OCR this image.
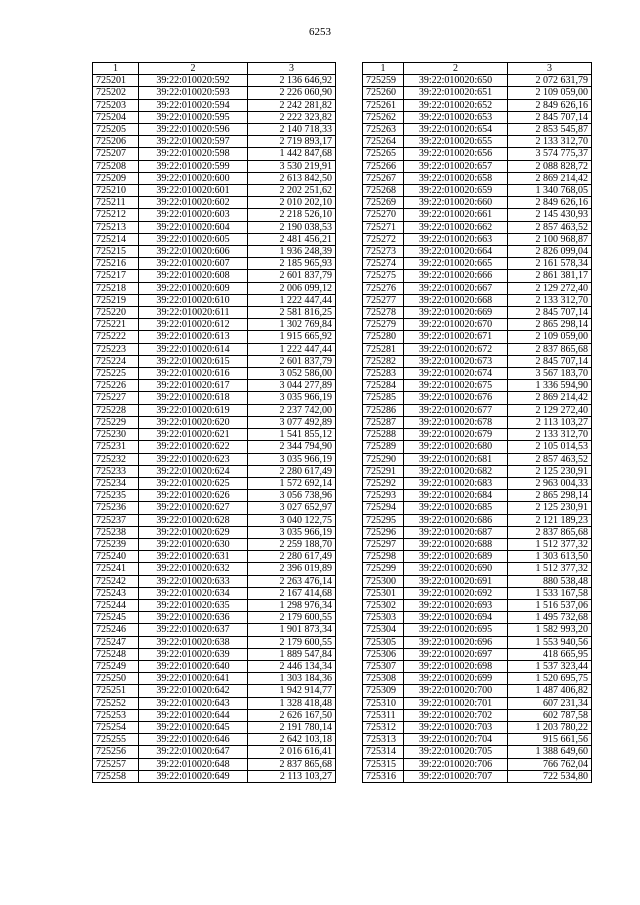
6253
1	2	3
725201	39:22:010020:592	2 136 646,92
725202	39:22:010020:593	2 226 060,90
725203	39:22:010020:594	2 242 281,82
725204	39:22:010020:595	2 222 323,82
725205	39:22:010020:596	2 140 718,33
725206	39:22:010020:597	2 719 893,17
725207	39:22:010020:598	1 442 847,68
725208	39:22:010020:599	3 530 219,91
725209	39:22:010020:600	2 613 842,50
725210	39:22:010020:601	2 202 251,62
725211	39:22:010020:602	2 010 202,10
725212	39:22:010020:603	2 218 526,10
725213	39:22:010020:604	2 190 038,53
725214	39:22:010020:605	2 481 456,21
725215	39:22:010020:606	1 936 248,39
725216	39:22:010020:607	2 185 965,93
725217	39:22:010020:608	2 601 837,79
725218	39:22:010020:609	2 006 099,12
725219	39:22:010020:610	1 222 447,44
725220	39:22:010020:611	2 581 816,25
725221	39:22:010020:612	1 302 769,84
725222	39:22:010020:613	1 915 665,92
725223	39:22:010020:614	1 222 447,44
725224	39:22:010020:615	2 601 837,79
725225	39:22:010020:616	3 052 586,00
725226	39:22:010020:617	3 044 277,89
725227	39:22:010020:618	3 035 966,19
725228	39:22:010020:619	2 237 742,00
725229	39:22:010020:620	3 077 492,89
725230	39:22:010020:621	1 541 855,12
725231	39:22:010020:622	2 344 794,90
725232	39:22:010020:623	3 035 966,19
725233	39:22:010020:624	2 280 617,49
725234	39:22:010020:625	1 572 692,14
725235	39:22:010020:626	3 056 738,96
725236	39:22:010020:627	3 027 652,97
725237	39:22:010020:628	3 040 122,75
725238	39:22:010020:629	3 035 966,19
725239	39:22:010020:630	2 259 188,70
725240	39:22:010020:631	2 280 617,49
725241	39:22:010020:632	2 396 019,89
725242	39:22:010020:633	2 263 476,14
725243	39:22:010020:634	2 167 414,68
725244	39:22:010020:635	1 298 976,34
725245	39:22:010020:636	2 179 600,55
725246	39:22:010020:637	1 901 873,34
725247	39:22:010020:638	2 179 600,55
725248	39:22:010020:639	1 889 547,84
725249	39:22:010020:640	2 446 134,34
725250	39:22:010020:641	1 303 184,36
725251	39:22:010020:642	1 942 914,77
725252	39:22:010020:643	1 328 418,48
725253	39:22:010020:644	2 626 167,50
725254	39:22:010020:645	2 191 780,14
725255	39:22:010020:646	2 642 103,18
725256	39:22:010020:647	2 016 616,41
725257	39:22:010020:648	2 837 865,68
725258	39:22:010020:649	2 113 103,27
1	2	3
725259	39:22:010020:650	2 072 631,79
725260	39:22:010020:651	2 109 059,00
725261	39:22:010020:652	2 849 626,16
725262	39:22:010020:653	2 845 707,14
725263	39:22:010020:654	2 853 545,87
725264	39:22:010020:655	2 133 312,70
725265	39:22:010020:656	3 574 775,37
725266	39:22:010020:657	2 088 828,72
725267	39:22:010020:658	2 869 214,42
725268	39:22:010020:659	1 340 768,05
725269	39:22:010020:660	2 849 626,16
725270	39:22:010020:661	2 145 430,93
725271	39:22:010020:662	2 857 463,52
725272	39:22:010020:663	2 100 968,87
725273	39:22:010020:664	2 826 099,04
725274	39:22:010020:665	2 161 578,34
725275	39:22:010020:666	2 861 381,17
725276	39:22:010020:667	2 129 272,40
725277	39:22:010020:668	2 133 312,70
725278	39:22:010020:669	2 845 707,14
725279	39:22:010020:670	2 865 298,14
725280	39:22:010020:671	2 109 059,00
725281	39:22:010020:672	2 837 865,68
725282	39:22:010020:673	2 845 707,14
725283	39:22:010020:674	3 567 183,70
725284	39:22:010020:675	1 336 594,90
725285	39:22:010020:676	2 869 214,42
725286	39:22:010020:677	2 129 272,40
725287	39:22:010020:678	2 113 103,27
725288	39:22:010020:679	2 133 312,70
725289	39:22:010020:680	2 105 014,53
725290	39:22:010020:681	2 857 463,52
725291	39:22:010020:682	2 125 230,91
725292	39:22:010020:683	2 963 004,33
725293	39:22:010020:684	2 865 298,14
725294	39:22:010020:685	2 125 230,91
725295	39:22:010020:686	2 121 189,23
725296	39:22:010020:687	2 837 865,68
725297	39:22:010020:688	1 512 377,32
725298	39:22:010020:689	1 303 613,50
725299	39:22:010020:690	1 512 377,32
725300	39:22:010020:691	880 538,48
725301	39:22:010020:692	1 533 167,58
725302	39:22:010020:693	1 516 537,06
725303	39:22:010020:694	1 495 732,68
725304	39:22:010020:695	1 582 993,20
725305	39:22:010020:696	1 553 940,56
725306	39:22:010020:697	418 665,95
725307	39:22:010020:698	1 537 323,44
725308	39:22:010020:699	1 520 695,75
725309	39:22:010020:700	1 487 406,82
725310	39:22:010020:701	607 231,34
725311	39:22:010020:702	602 787,58
725312	39:22:010020:703	1 203 780,22
725313	39:22:010020:704	915 661,56
725314	39:22:010020:705	1 388 649,60
725315	39:22:010020:706	766 762,04
725316	39:22:010020:707	722 534,80
